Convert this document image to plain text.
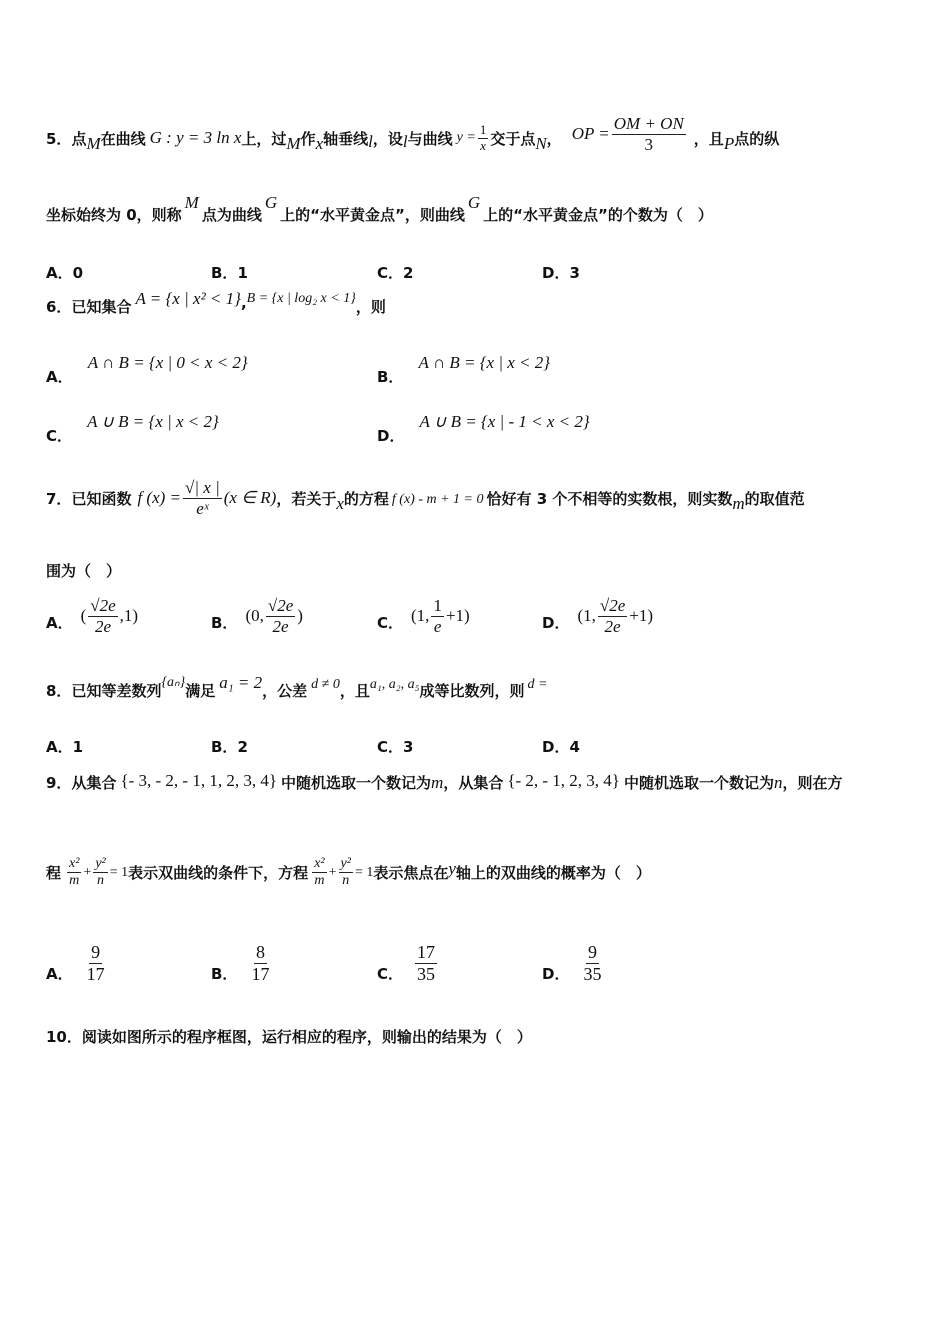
5． 点 M 在曲线 G : y = 3 ln x 上，过 M 作 x 轴垂线 l ，设 l 与曲线 $y = \frac{1}{x}$ 交于点 N ， OP = $\frac{OM + ON}{3}$ ，且 P 点的纵
坐标始终为 0，则称
M
点为曲线
G
上的“水平黄金点”，则曲线
G
上的“水平黄金点”的个数为（　）
A．0	B．1	C．2	D．3
6． 已知集合 A = {x | x² < 1} , B = {x | log₂ x < 1} ，则
A． A ∩ B = {x | 0 < x < 2}
B． A ∩ B = {x | x < 2}
C． A ∪ B = {x | x < 2}
D． A ∪ B = {x | - 1 < x < 2}
7． 已知函数 f $(x) = \frac{√| x |}{\text{eˣ}} (x$ ∈ R) ，若关于 x 的方程 f (x) - m + 1 = 0 恰好有 3 个不相等的实数根，则实数 m 的取值范
围为（　）
A． ( $\frac{√2e}{2e} ,1$)	B． (0, $\frac{√2e}{2e}$ )	C． (1, $\frac{1}{e} +1$)	D． (1, $\frac{√2e}{2e} +1$)
8． 已知等差数列 {aₙ} 满足 a₁ = 2 ，公差 d ≠ 0 ，且 a₁, a₂, a₅ 成等比数列，则 d =
A．1	B．2	C．3	D．4
9． 从集合 {- 3, - 2, - 1, 1, 2, 3, 4} 中随机选取一个数记为 m ，从集合 {- 2, - 1, 2, 3, 4} 中随机选取一个数记为 n ，则在方
程 $\frac{\text{x²}}{m} + \frac{\text{y²}}{n} = 1$ 表示双曲线的条件下，方程 $\frac{\text{x²}}{m} + \frac{\text{y²}}{n} = 1$ 表示焦点在 y 轴上的双曲线的概率为（　）
A． $\frac{9}{17}$	B． $\frac{8}{17}$	C． $\frac{17}{35}$	D． $\frac{9}{35}$
10．阅读如图所示的程序框图，运行相应的程序，则输出的结果为（　）
